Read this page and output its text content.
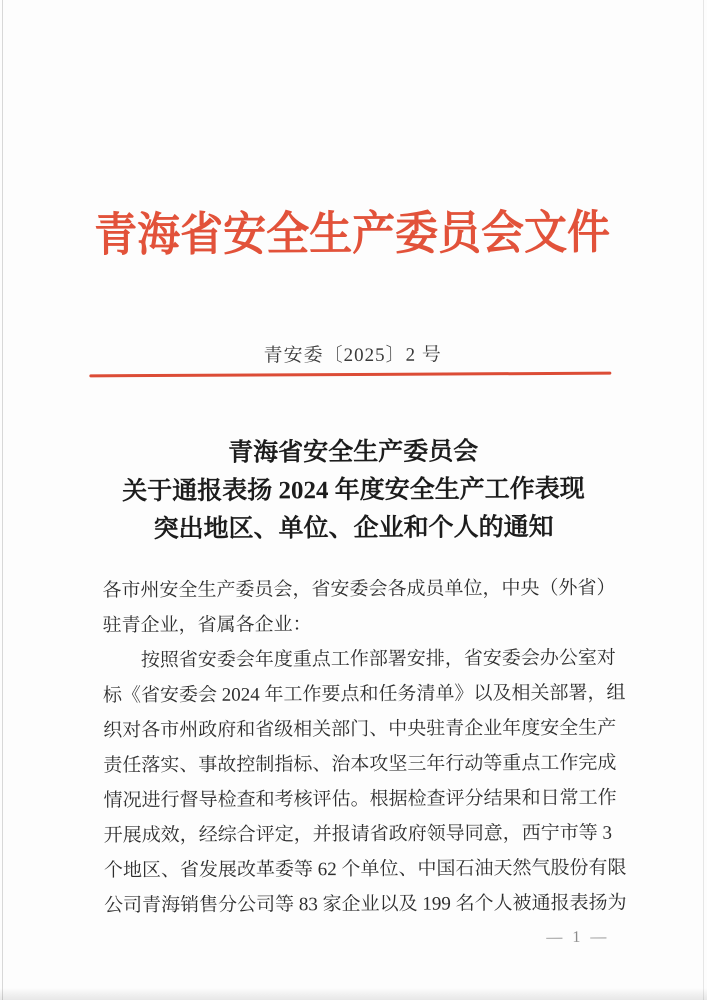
青海省安全生产委员会文件
青安委〔2025〕2 号
青海省安全生产委员会
关于通报表扬 2024 年度安全生产工作表现
突出地区、单位、企业和个人的通知
各市州安全生产委员会，省安委会各成员单位，中央（外省）
驻青企业，省属各企业：
　　按照省安委会年度重点工作部署安排，省安委会办公室对
标《省安委会 2024 年工作要点和任务清单》以及相关部署，组
织对各市州政府和省级相关部门、中央驻青企业年度安全生产
责任落实、事故控制指标、治本攻坚三年行动等重点工作完成
情况进行督导检查和考核评估。根据检查评分结果和日常工作
开展成效，经综合评定，并报请省政府领导同意，西宁市等 3
个地区、省发展改革委等 62 个单位、中国石油天然气股份有限
公司青海销售分公司等 83 家企业以及 199 名个人被通报表扬为
— 1 —
